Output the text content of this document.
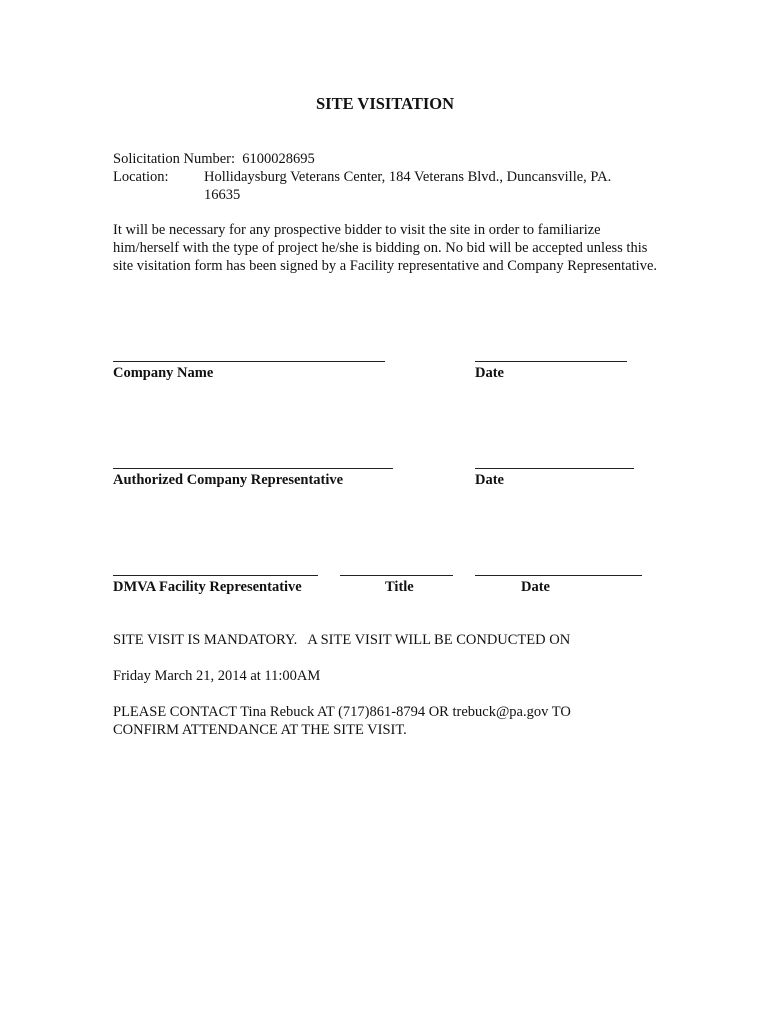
SITE VISITATION
Solicitation Number: 6100028695
Location: Hollidaysburg Veterans Center, 184 Veterans Blvd., Duncansville, PA. 16635
It will be necessary for any prospective bidder to visit the site in order to familiarize him/herself with the type of project he/she is bidding on. No bid will be accepted unless this site visitation form has been signed by a Facility representative and Company Representative.
Company Name	Date
Authorized Company Representative	Date
DMVA Facility Representative	Title	Date
SITE VISIT IS MANDATORY.   A SITE VISIT WILL BE CONDUCTED ON
Friday March 21, 2014 at 11:00AM
PLEASE CONTACT Tina Rebuck AT (717)861-8794 OR trebuck@pa.gov TO CONFIRM ATTENDANCE AT THE SITE VISIT.
